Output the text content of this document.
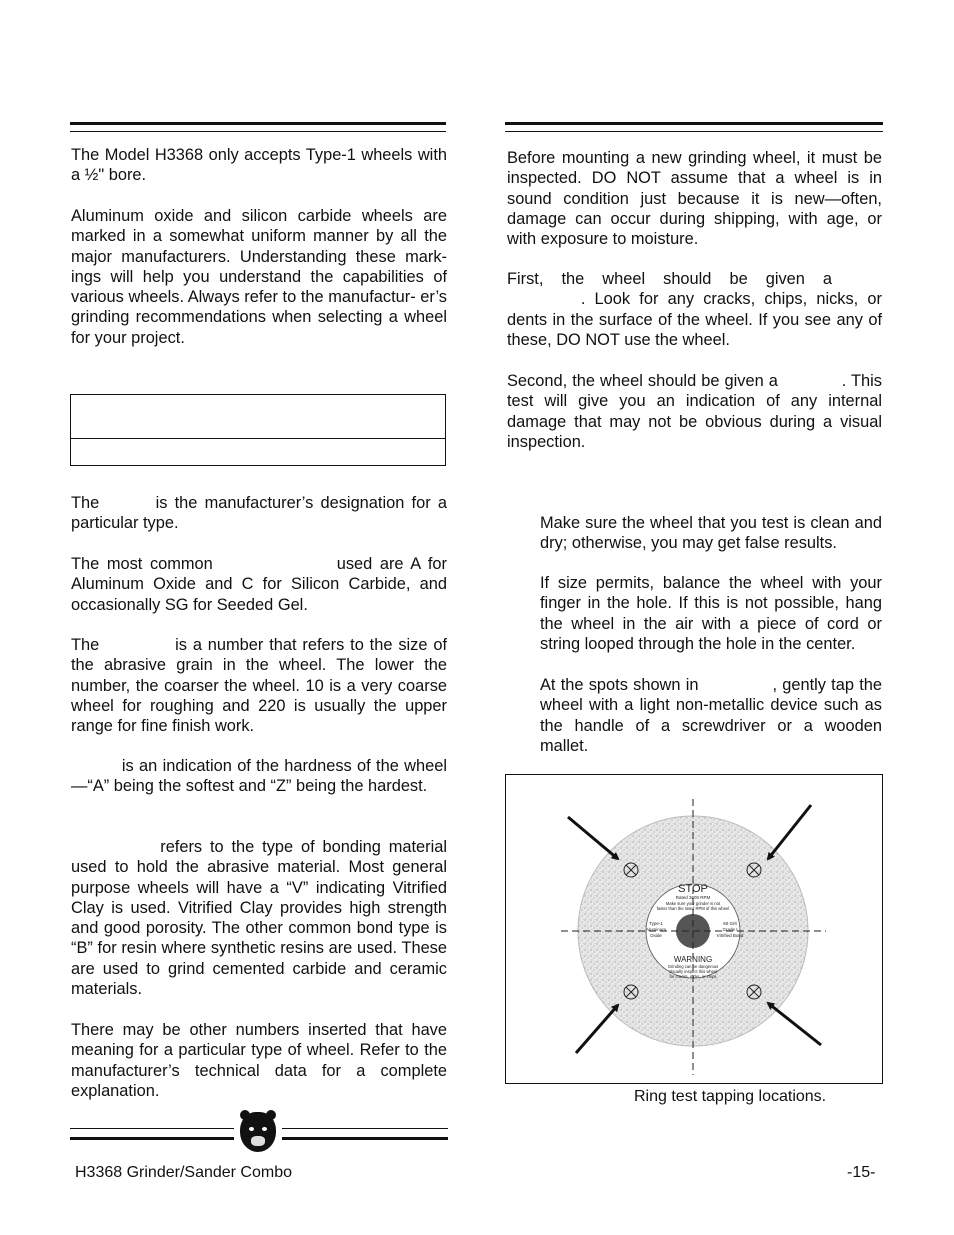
The Model H3368 only accepts Type-1 wheels with a ½" bore.

Aluminum oxide and silicon carbide wheels are marked in a somewhat uniform manner by all the major manufacturers. Understanding these mark- ings will help you understand the capabilities of various wheels. Always refer to the manufactur- er’s grinding recommendations when selecting a wheel for your project.

The	is the manufacturer’s designation for a particular type.

The most common	used are A for Aluminum Oxide and C for Silicon Carbide, and occasionally SG for Seeded Gel.

The	is a number that refers to the size of the abrasive grain in the wheel. The lower the number, the coarser the wheel. 10 is a very coarse wheel for roughing and 220 is usually the upper range for fine finish work.

is an indication of the hardness of the wheel—“A” being the softest and “Z” being the hardest.

refers to the type of bonding material used to hold the abrasive material. Most general purpose wheels will have a “V” indicating Vitrified Clay is used. Vitrified Clay provides high strength and good porosity. The other common bond type is “B” for resin where synthetic resins are used. These are used to grind cemented carbide and ceramic materials.

There may be other numbers inserted that have meaning for a particular type of wheel. Refer to the manufacturer’s technical data for a complete explanation.

Before mounting a new grinding wheel, it must be inspected. DO NOT assume that a wheel is in sound condition just because it is new—often, damage can occur during shipping, with age, or with exposure to moisture.

First, the wheel should be given a . Look for any cracks, chips, nicks, or dents in the surface of the wheel. If you see any of these, DO NOT use the wheel.

Second, the wheel should be given a	. This test will give you an indication of any internal damage that may not be obvious during a visual inspection.

Make sure the wheel that you test is clean and dry; otherwise, you may get false results.

If size permits, balance the wheel with your finger in the hole. If this is not possible, hang the wheel in the air with a piece of cord or string looped through the hole in the center.

At the spots shown in	, gently tap the wheel with a light non-metallic device such as the handle of a screwdriver or a wooden mallet.

STOP
Rated 3600 RPM
Make sure your grinder is not
faster than the rated RPM of this wheel
Type-1
Aluminum
Oxide
60 Grit
Grade I
Vitrified Bond
WARNING
Grinding can be dangerous
Visually inspect this wheel
for cracks, nicks, or chips
Ring test tapping locations.
H3368 Grinder/Sander Combo	-15-
